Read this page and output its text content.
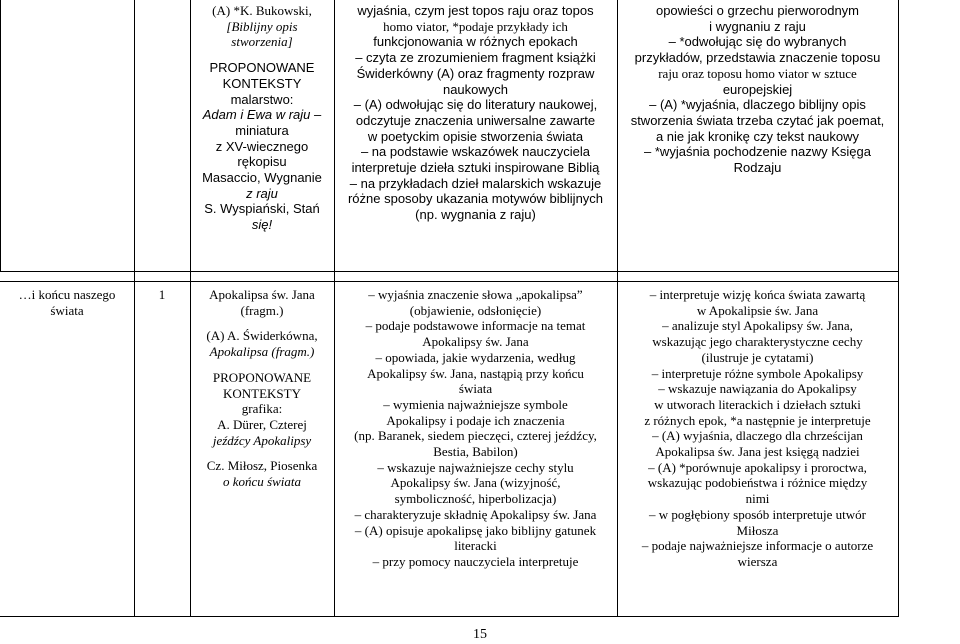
(A) *K. Bukowski,

[Biblijny opis

stworzenia]

PROPONOWANE

KONTEKSTY

malarstwo:

Adam i Ewa w raju –

miniatura

z XV-wiecznego

rękopisu

Masaccio, Wygnanie

z raju

S. Wyspiański, Stań

się!

wyjaśnia, czym jest topos raju oraz topos

homo viator, *podaje przykłady ich

funkcjonowania w różnych epokach

– czyta ze zrozumieniem fragment książki

Świderkówny (A) oraz fragmenty rozpraw

naukowych

– (A) odwołując się do literatury naukowej,

odczytuje znaczenia uniwersalne zawarte

w poetyckim opisie stworzenia świata

– na podstawie wskazówek nauczyciela

interpretuje dzieła sztuki inspirowane Biblią

– na przykładach dzieł malarskich wskazuje

różne sposoby ukazania motywów biblijnych

(np. wygnania z raju)

opowieści o grzechu pierworodnym

i wygnaniu z raju

– *odwołując się do wybranych

przykładów, przedstawia znaczenie toposu

raju oraz toposu homo viator w sztuce

europejskiej

– (A) *wyjaśnia, dlaczego biblijny opis

stworzenia świata trzeba czytać jak poemat,

a nie jak kronikę czy tekst naukowy

– *wyjaśnia pochodzenie nazwy Księga

Rodzaju

…i końcu naszego

świata

1	Apokalipsa św. Jana

(fragm.)

(A) A. Świderkówna,

Apokalipsa (fragm.)

PROPONOWANE

KONTEKSTY

grafika:

A. Dürer, Czterej

jeźdźcy Apokalipsy

Cz. Miłosz, Piosenka

o końcu świata

– wyjaśnia znaczenie słowa „apokalipsa”

(objawienie, odsłonięcie)

– podaje podstawowe informacje na temat

Apokalipsy św. Jana

– opowiada, jakie wydarzenia, według

Apokalipsy św. Jana, nastąpią przy końcu

świata

– wymienia najważniejsze symbole

Apokalipsy i podaje ich znaczenia

(np. Baranek, siedem pieczęci, czterej jeźdźcy,

Bestia, Babilon)

– wskazuje najważniejsze cechy stylu

Apokalipsy św. Jana (wizyjność,

symboliczność, hiperbolizacja)

– charakteryzuje składnię Apokalipsy św. Jana

– (A) opisuje apokalipsę jako biblijny gatunek

literacki

– przy pomocy nauczyciela interpretuje

– interpretuje wizję końca świata zawartą

w Apokalipsie św. Jana

– analizuje styl Apokalipsy św. Jana,

wskazując jego charakterystyczne cechy

(ilustruje je cytatami)

– interpretuje różne symbole Apokalipsy

– wskazuje nawiązania do Apokalipsy

w utworach literackich i dziełach sztuki

z różnych epok, *a następnie je interpretuje

– (A) wyjaśnia, dlaczego dla chrześcijan

Apokalipsa św. Jana jest księgą nadziei

– (A) *porównuje apokalipsy i proroctwa,

wskazując podobieństwa i różnice między

nimi

– w pogłębiony sposób interpretuje utwór

Miłosza

– podaje najważniejsze informacje o autorze

wiersza

15
